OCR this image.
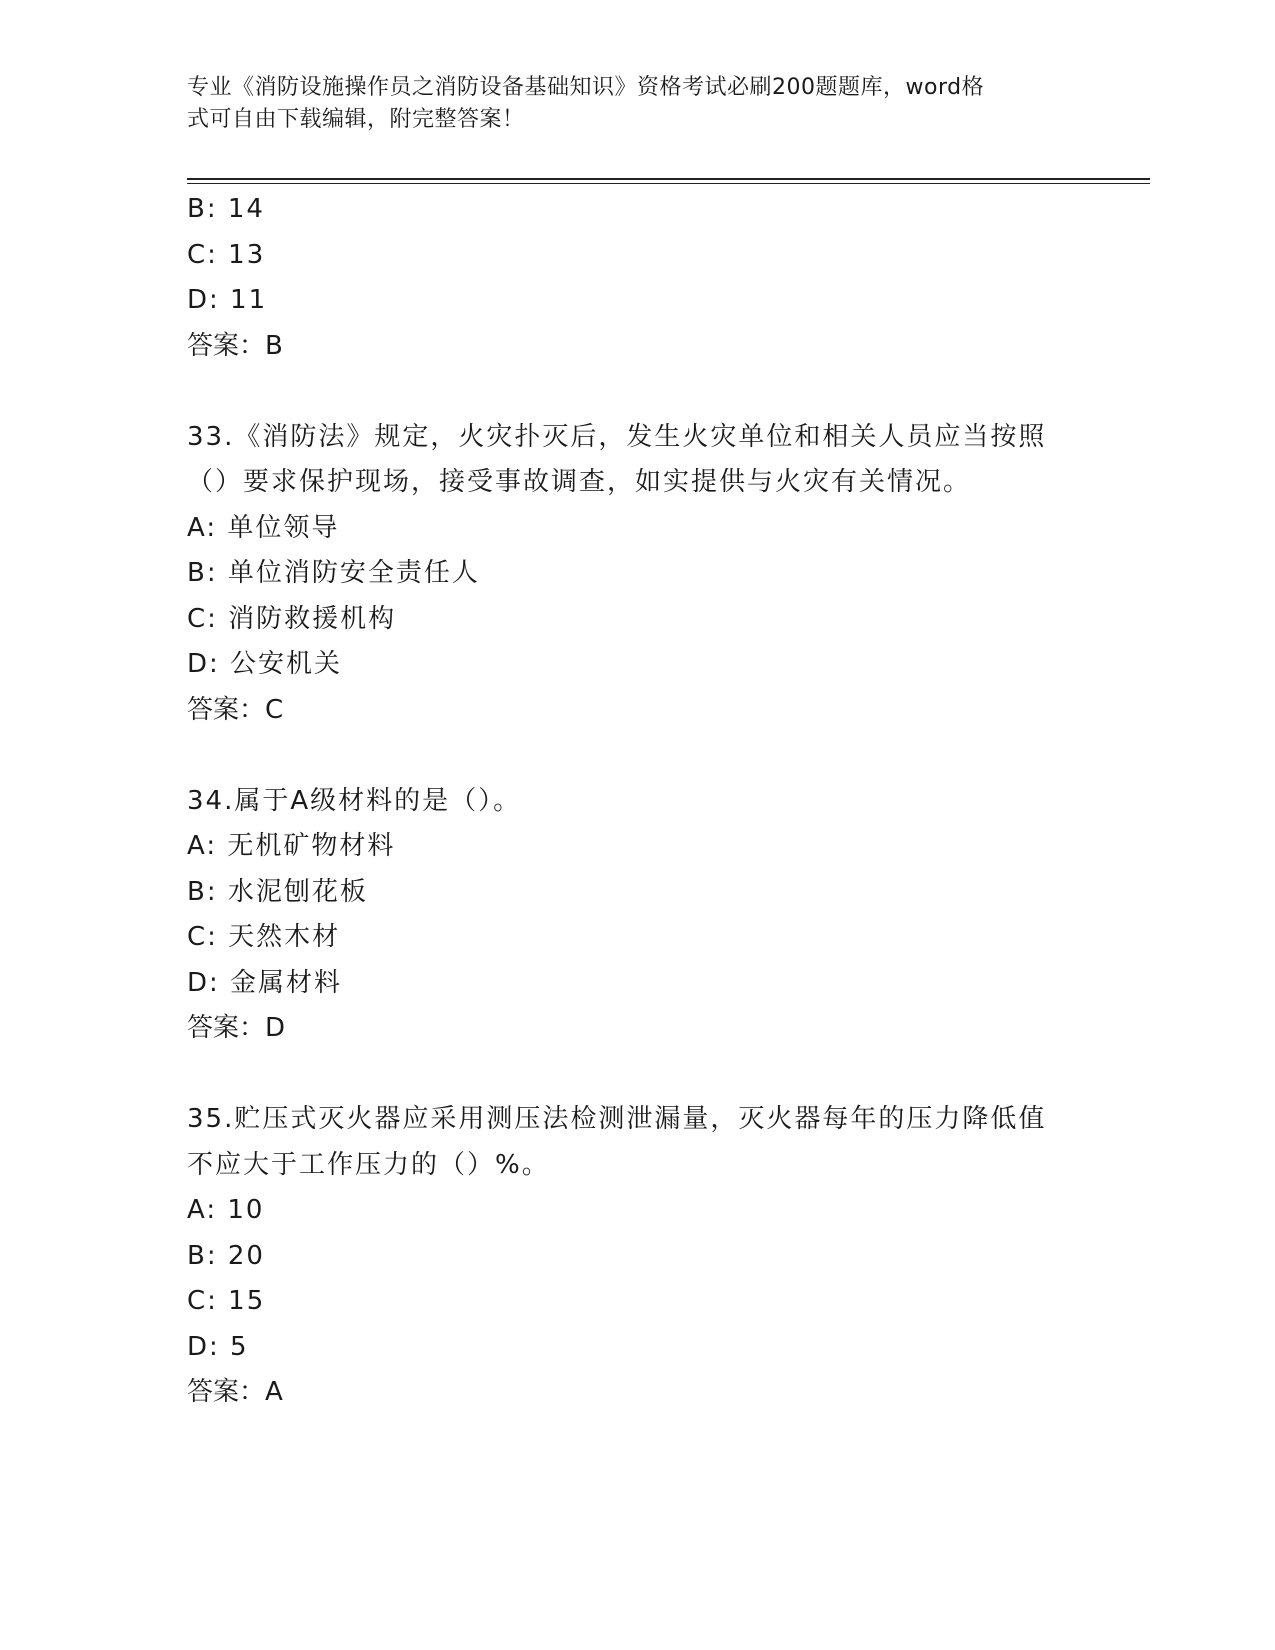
专业《消防设施操作员之消防设备基础知识》资格考试必刷200题题库，word格
式可自由下载编辑，附完整答案！
B: 14
C: 13
D: 11
答案：B
33.《消防法》规定，火灾扑灭后，发生火灾单位和相关人员应当按照
（）要求保护现场，接受事故调查，如实提供与火灾有关情况。
A: 单位领导
B: 单位消防安全责任人
C: 消防救援机构
D: 公安机关
答案：C
34.属于A级材料的是（）。
A: 无机矿物材料
B: 水泥刨花板
C: 天然木材
D: 金属材料
答案：D
35.贮压式灭火器应采用测压法检测泄漏量，灭火器每年的压力降低值
不应大于工作压力的（）%。
A: 10
B: 20
C: 15
D: 5
答案：A
